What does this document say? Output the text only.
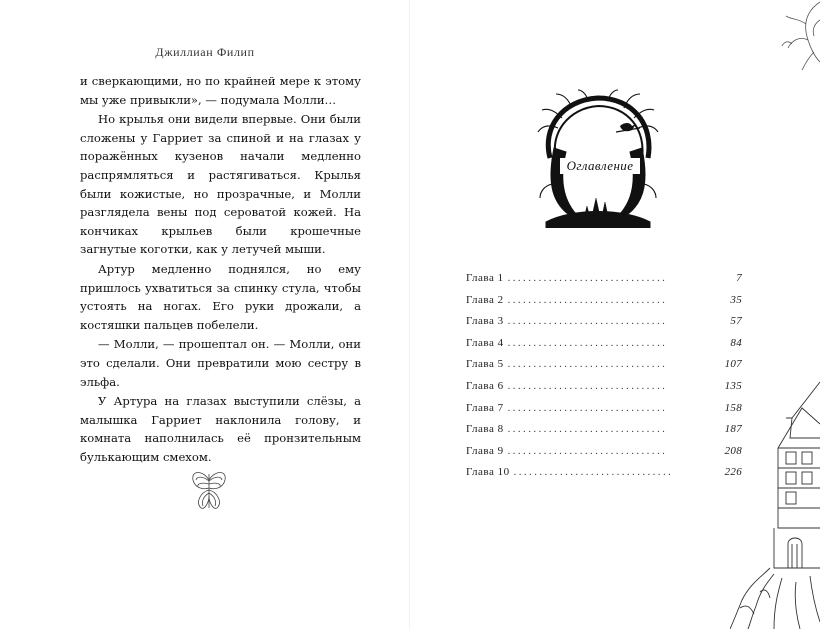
Джиллиан Филип

и сверкающими, но по крайней мере к этому мы уже привыкли», — подумала Молли…

Но крылья они видели впервые. Они были сложены у Гарриет за спиной и на глазах у поражённых кузенов начали медленно распрямляться и растягиваться. Крылья были кожистые, но прозрачные, и Молли разглядела вены под сероватой кожей. На кончиках крыльев были крошечные загнутые коготки, как у летучей мыши.

Артур медленно поднялся, но ему пришлось ухватиться за спинку стула, чтобы устоять на ногах. Его руки дрожали, а костяшки пальцев побелели.

— Молли, — прошептал он. — Молли, они это сделали. Они превратили мою сестру в эльфа.

У Артура на глазах выступили слёзы, а малышка Гарриет наклонила голову, и комната наполнилась её пронзительным булькающим смехом.

Оглавление
Глава 1 ...............................	7
Глава 2 ...............................	35
Глава 3 ...............................	57
Глава 4 ...............................	84
Глава 5 ...............................	107
Глава 6 ...............................	135
Глава 7 ...............................	158
Глава 8 ...............................	187
Глава 9 ...............................	208
Глава 10 ...............................	226
